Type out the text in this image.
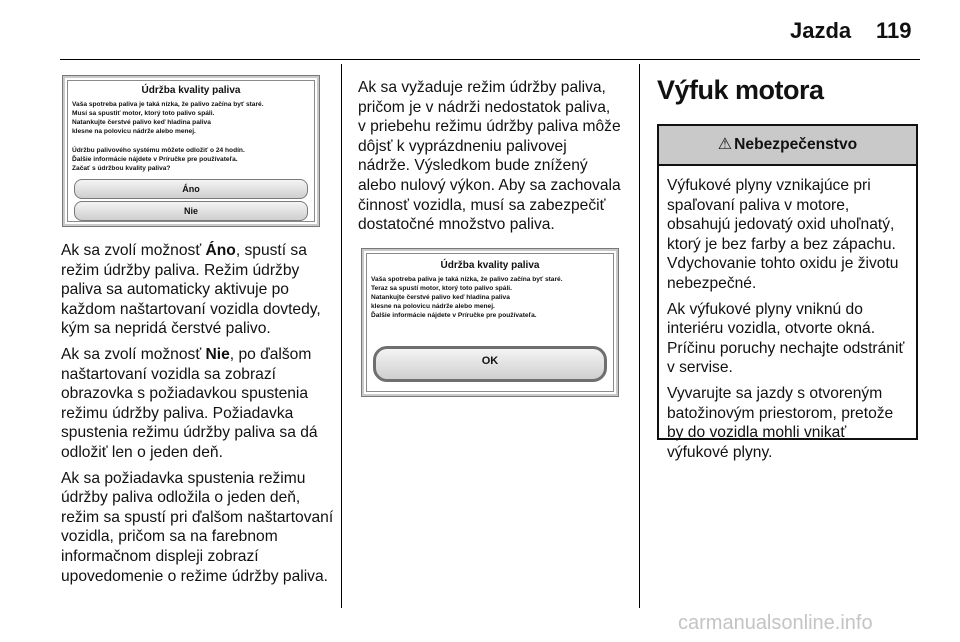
Jazda 119
Údržba kvality paliva
Vaša spotreba paliva je taká nízka, že palivo začína byť staré.
Musí sa spustiť motor, ktorý toto palivo spáli.
Natankujte čerstvé palivo keď hladina paliva
klesne na polovicu nádrže alebo menej.
Údržbu palivového systému môžete odložiť o 24 hodín.
Ďalšie informácie nájdete v Príručke pre používateľa.
Začať s údržbou kvality paliva?
Áno
Nie

Ak sa zvolí možnosť Áno, spustí sa režim údržby paliva. Režim údržby paliva sa automaticky aktivuje po každom naštartovaní vozidla dovtedy, kým sa nepridá čerstvé palivo.

Ak sa zvolí možnosť Nie, po ďalšom naštartovaní vozidla sa zobrazí obrazovka s požiadavkou spustenia režimu údržby paliva. Požiadavka spustenia režimu údržby paliva sa dá odložiť len o jeden deň.

Ak sa požiadavka spustenia režimu údržby paliva odložila o jeden deň, režim sa spustí pri ďalšom naštartovaní vozidla, pričom sa na farebnom informačnom displeji zobrazí upovedomenie o režime údržby paliva.

Ak sa vyžaduje režim údržby paliva, pričom je v nádrži nedostatok paliva, v priebehu režimu údržby paliva môže dôjsť k vyprázdneniu palivovej nádrže. Výsledkom bude znížený alebo nulový výkon. Aby sa zachovala činnosť vozidla, musí sa zabezpečiť dostatočné množstvo paliva.

Údržba kvality paliva
Vaša spotreba paliva je taká nízka, že palivo začína byť staré.
Teraz sa spustí motor, ktorý toto palivo spáli.
Natankujte čerstvé palivo keď hladina paliva
klesne na polovicu nádrže alebo menej.
Ďalšie informácie nájdete v Príručke pre používateľa.
OK
Výfuk motora
⚠ Nebezpečenstvo

Výfukové plyny vznikajúce pri spaľovaní paliva v motore, obsahujú jedovatý oxid uhoľnatý, ktorý je bez farby a bez zápachu. Vdychovanie tohto oxidu je životu nebezpečné.

Ak výfukové plyny vniknú do interiéru vozidla, otvorte okná. Príčinu poruchy nechajte odstrániť v servise.

Vyvarujte sa jazdy s otvoreným batožinovým priestorom, pretože by do vozidla mohli vnikať výfukové plyny.

carmanualsonline.info
